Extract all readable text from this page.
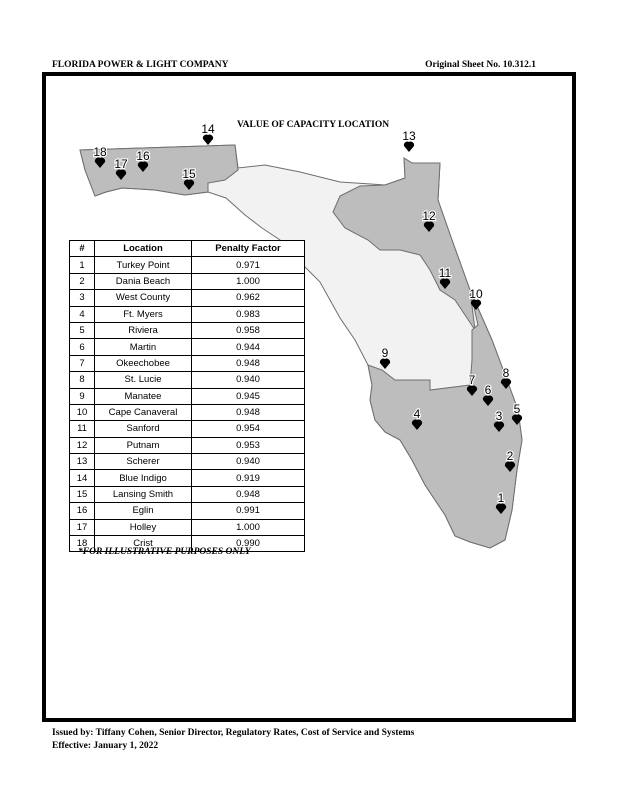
FLORIDA POWER & LIGHT COMPANY	Original Sheet No. 10.312.1
1
2
3
4	5
6
7 8
9
10
11
12
13
14
15
16
17
18
VALUE OF CAPACITY LOCATION
#	Location	Penalty Factor
1	Turkey Point	0.971
2	Dania Beach	1.000
3	West County	0.962
4	Ft. Myers	0.983
5	Riviera	0.958
6	Martin	0.944
7	Okeechobee	0.948
8	St. Lucie	0.940
9	Manatee	0.945
10	Cape Canaveral	0.948
11	Sanford	0.954
12	Putnam	0.953
13	Scherer	0.940
14	Blue Indigo	0.919
15	Lansing Smith	0.948
16	Eglin	0.991
17	Holley	1.000
18	Crist	0.990
*FOR ILLUSTRATIVE PURPOSES ONLY
Issued by: Tiffany Cohen, Senior Director, Regulatory Rates, Cost of Service and Systems
Effective: January 1, 2022
